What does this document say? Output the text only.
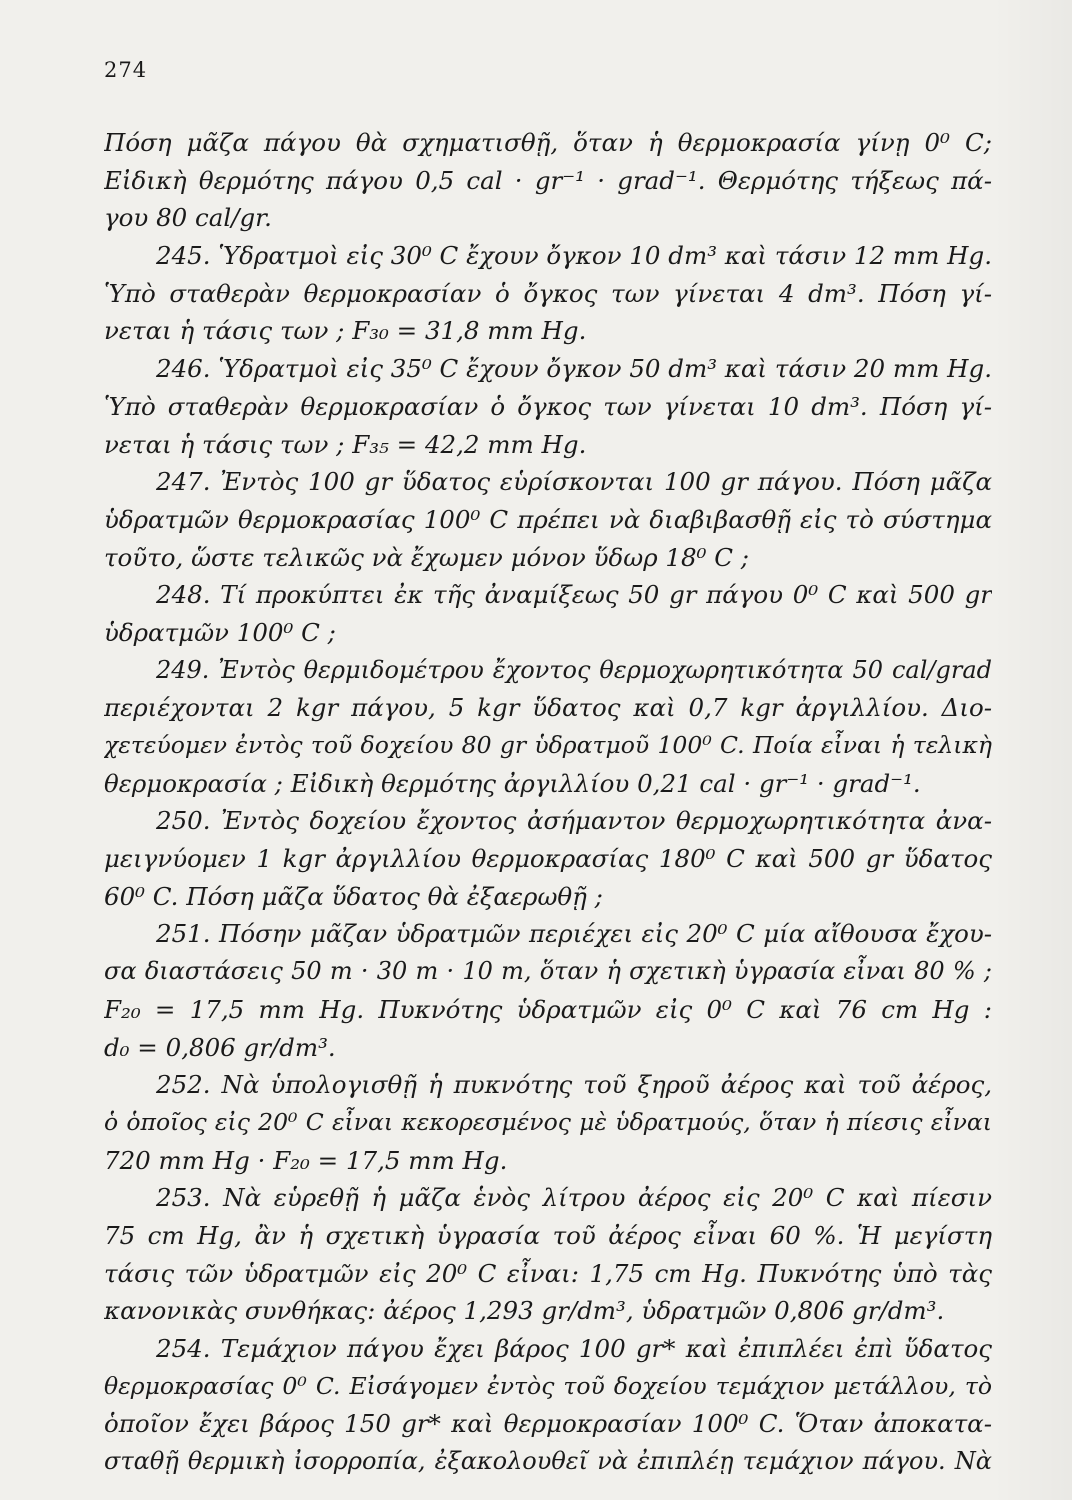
274
Πόση μᾶζα πάγου θὰ σχηματισθῇ, ὅταν ἡ θερμοκρασία γίνῃ 0⁰ C;
Εἰδικὴ θερμότης πάγου 0,5 cal · gr⁻¹ · grad⁻¹. Θερμότης τήξεως πά-
γου 80 cal/gr.
245. Ὑδρατμοὶ εἰς 30⁰ C ἔχουν ὄγκον 10 dm³ καὶ τάσιν 12 mm Hg.
Ὑπὸ σταθερὰν θερμοκρασίαν ὁ ὄγκος των γίνεται 4 dm³. Πόση γί-
νεται ἡ τάσις των ; F₃₀ = 31,8 mm Hg.
246. Ὑδρατμοὶ εἰς 35⁰ C ἔχουν ὄγκον 50 dm³ καὶ τάσιν 20 mm Hg.
Ὑπὸ σταθερὰν θερμοκρασίαν ὁ ὄγκος των γίνεται 10 dm³. Πόση γί-
νεται ἡ τάσις των ; F₃₅ = 42,2 mm Hg.
247. Ἐντὸς 100 gr ὕδατος εὑρίσκονται 100 gr πάγου. Πόση μᾶζα
ὑδρατμῶν θερμοκρασίας 100⁰ C πρέπει νὰ διαβιβασθῇ εἰς τὸ σύστημα
τοῦτο, ὥστε τελικῶς νὰ ἔχωμεν μόνον ὕδωρ 18⁰ C ;
248. Τί προκύπτει ἐκ τῆς ἀναμίξεως 50 gr πάγου 0⁰ C καὶ 500 gr
ὑδρατμῶν 100⁰ C ;
249. Ἐντὸς θερμιδομέτρου ἔχοντος θερμοχωρητικότητα 50 cal/grad
περιέχονται 2 kgr πάγου, 5 kgr ὕδατος καὶ 0,7 kgr ἀργιλλίου. Διο-
χετεύομεν ἐντὸς τοῦ δοχείου 80 gr ὑδρατμοῦ 100⁰ C. Ποία εἶναι ἡ τελικὴ
θερμοκρασία ; Εἰδικὴ θερμότης ἀργιλλίου 0,21 cal · gr⁻¹ · grad⁻¹.
250. Ἐντὸς δοχείου ἔχοντος ἀσήμαντον θερμοχωρητικότητα ἀνα-
μειγνύομεν 1 kgr ἀργιλλίου θερμοκρασίας 180⁰ C καὶ 500 gr ὕδατος
60⁰ C. Πόση μᾶζα ὕδατος θὰ ἐξαερωθῇ ;
251. Πόσην μᾶζαν ὑδρατμῶν περιέχει εἰς 20⁰ C μία αἴθουσα ἔχου-
σα διαστάσεις 50 m · 30 m · 10 m, ὅταν ἡ σχετικὴ ὑγρασία εἶναι 80 % ;
F₂₀ = 17,5 mm Hg. Πυκνότης ὑδρατμῶν εἰς 0⁰ C καὶ 76 cm Hg :
d₀ = 0,806 gr/dm³.
252. Νὰ ὑπολογισθῇ ἡ πυκνότης τοῦ ξηροῦ ἀέρος καὶ τοῦ ἀέρος,
ὁ ὁποῖος εἰς 20⁰ C εἶναι κεκορεσμένος μὲ ὑδρατμούς, ὅταν ἡ πίεσις εἶναι
720 mm Hg · F₂₀ = 17,5 mm Hg.
253. Νὰ εὑρεθῇ ἡ μᾶζα ἑνὸς λίτρου ἀέρος εἰς 20⁰ C καὶ πίεσιν
75 cm Hg, ἂν ἡ σχετικὴ ὑγρασία τοῦ ἀέρος εἶναι 60 %. Ἡ μεγίστη
τάσις τῶν ὑδρατμῶν εἰς 20⁰ C εἶναι: 1,75 cm Hg. Πυκνότης ὑπὸ τὰς
κανονικὰς συνθήκας: ἀέρος 1,293 gr/dm³, ὑδρατμῶν 0,806 gr/dm³.
254. Τεμάχιον πάγου ἔχει βάρος 100 gr* καὶ ἐπιπλέει ἐπὶ ὕδατος
θερμοκρασίας 0⁰ C. Εἰσάγομεν ἐντὸς τοῦ δοχείου τεμάχιον μετάλλου, τὸ
ὁποῖον ἔχει βάρος 150 gr* καὶ θερμοκρασίαν 100⁰ C. Ὅταν ἀποκατα-
σταθῇ θερμικὴ ἰσορροπία, ἐξακολουθεῖ νὰ ἐπιπλέῃ τεμάχιον πάγου. Νὰ
